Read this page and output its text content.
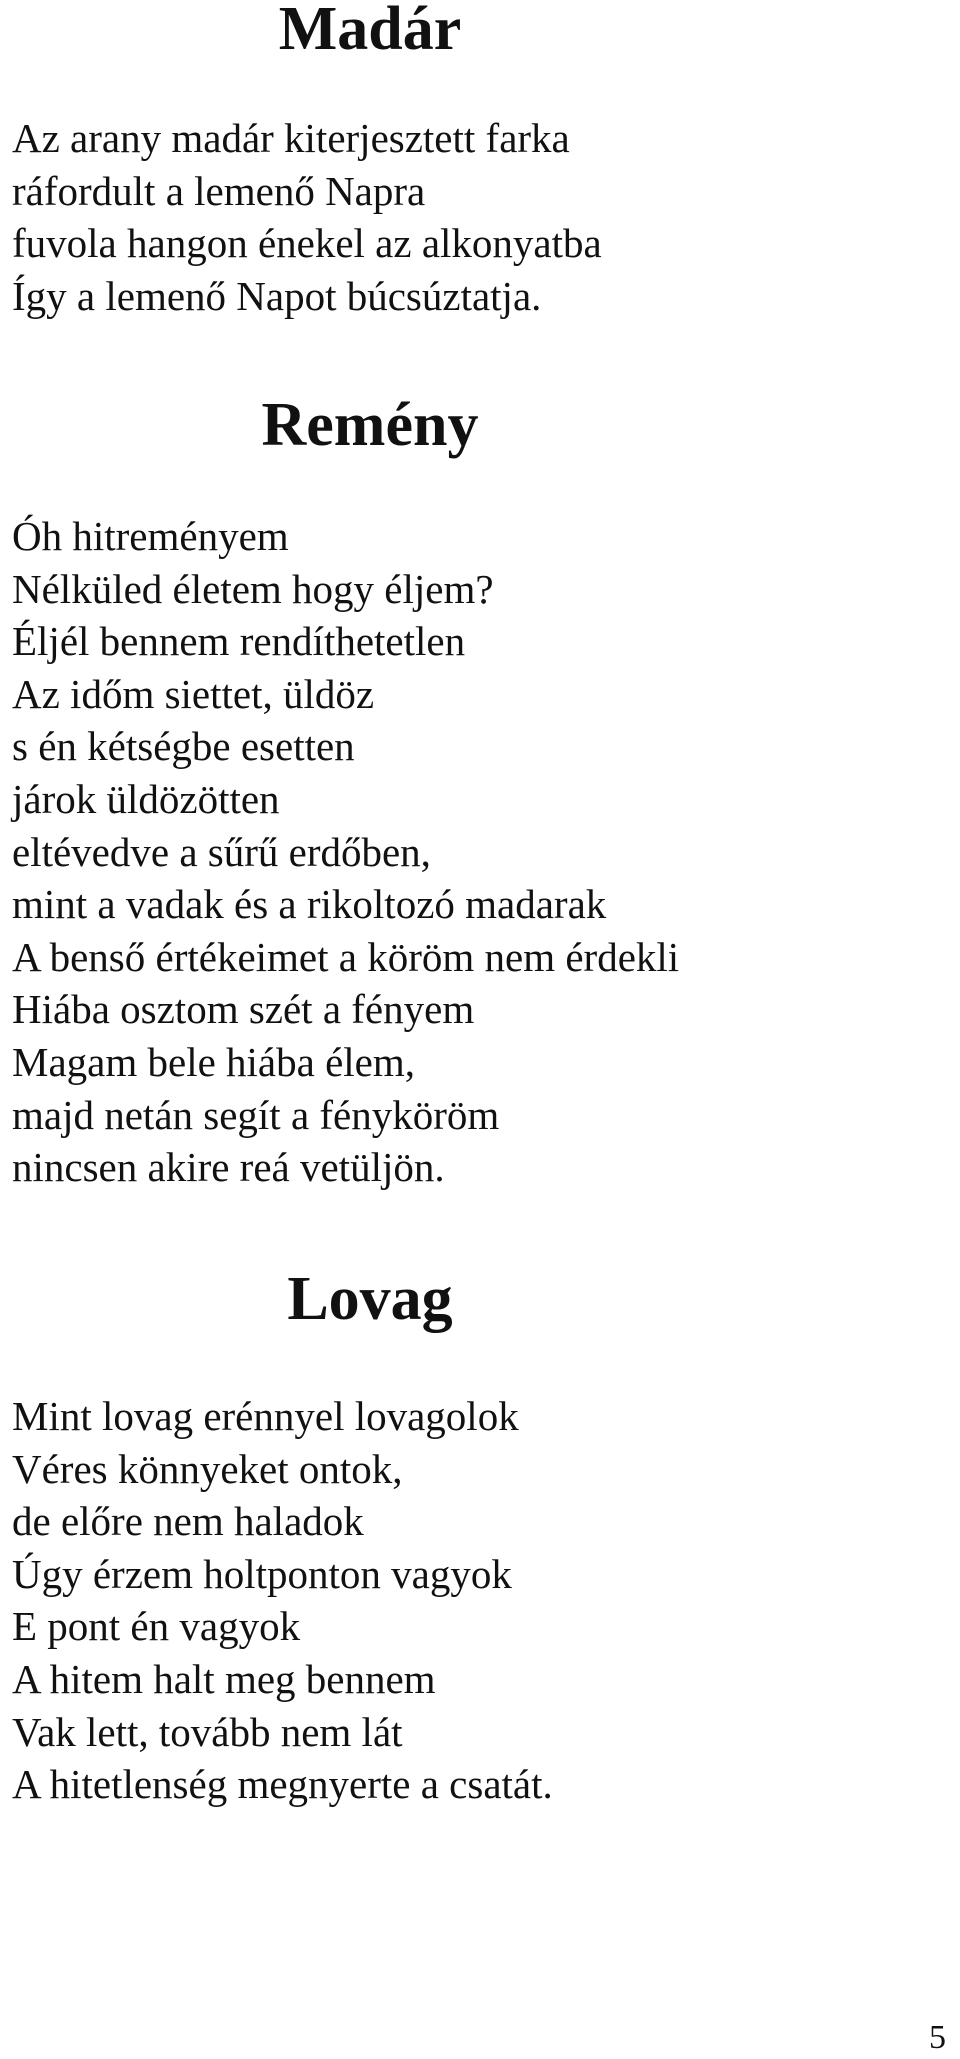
Madár
Az arany madár kiterjesztett farka
ráfordult a lemenő Napra
fuvola hangon énekel az alkonyatba
Így a lemenő Napot búcsúztatja.
Remény
Óh hitreményem
Nélküled életem hogy éljem?
Éljél bennem rendíthetetlen
Az időm siettet, üldöz
s én kétségbe esetten
járok üldözötten
eltévedve a sűrű erdőben,
mint a vadak és a rikoltozó madarak
A benső értékeimet a köröm nem érdekli
Hiába osztom szét a fényem
Magam bele hiába élem,
majd netán segít a fényköröm
nincsen akire reá vetüljön.
Lovag
Mint lovag erénnyel lovagolok
Véres könnyeket ontok,
de előre nem haladok
Úgy érzem holtponton vagyok
E pont én vagyok
A hitem halt meg bennem
Vak lett, tovább nem lát
A hitetlenség megnyerte a csatát.
5
